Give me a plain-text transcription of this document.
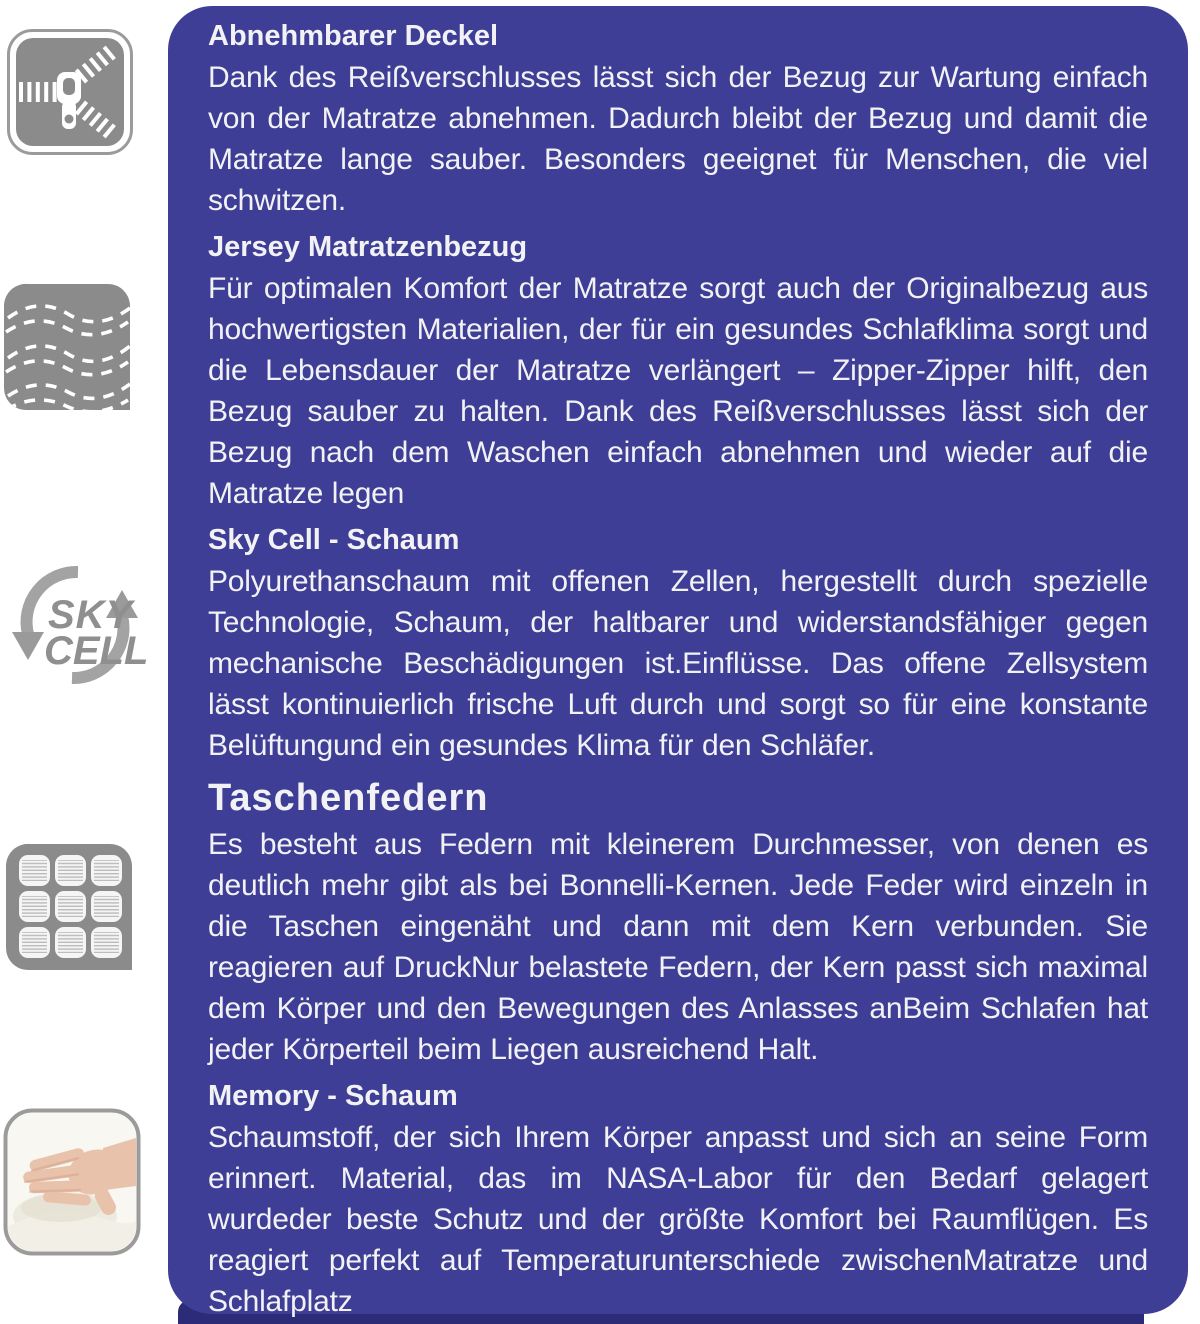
SKY
CELL
Abnehmbarer Deckel

Dank des Reißverschlusses lässt sich der Bezug zur Wartung einfach von der Matratze abnehmen. Dadurch bleibt der Bezug und damit die Matratze lange sauber. Besonders geeignet für Menschen, die viel schwitzen.

Jersey Matratzenbezug

Für optimalen Komfort der Matratze sorgt auch der Originalbezug aus hochwertigsten Materialien, der für ein gesundes Schlafklima sorgt und die Lebensdauer der Matratze verlängert – Zipper-Zipper hilft, den Bezug sauber zu halten. Dank des Reißverschlusses lässt sich der Bezug nach dem Waschen einfach abnehmen und wieder auf die Matratze legen

Sky Cell - Schaum

Polyurethanschaum mit offenen Zellen, hergestellt durch spezielle Technologie, Schaum, der haltbarer und widerstandsfähiger gegen mechanische Beschädigungen ist.Einflüsse. Das offene Zellsystem lässt kontinuierlich frische Luft durch und sorgt so für eine konstante Belüftungund ein gesundes Klima für den Schläfer.

Taschenfedern

Es besteht aus Federn mit kleinerem Durchmesser, von denen es deutlich mehr gibt als bei Bonnelli-Kernen. Jede Feder wird einzeln in die Taschen eingenäht und dann mit dem Kern verbunden. Sie reagieren auf DruckNur belastete Federn, der Kern passt sich maximal dem Körper und den Bewegungen des Anlasses anBeim Schlafen hat jeder Körperteil beim Liegen ausreichend Halt.

Memory - Schaum

Schaumstoff, der sich Ihrem Körper anpasst und sich an seine Form erinnert. Material, das im NASA-Labor für den Bedarf gelagert wurdeder beste Schutz und der größte Komfort bei Raumflügen. Es reagiert perfekt auf Temperaturunterschiede zwischenMatratze und Schlafplatz
